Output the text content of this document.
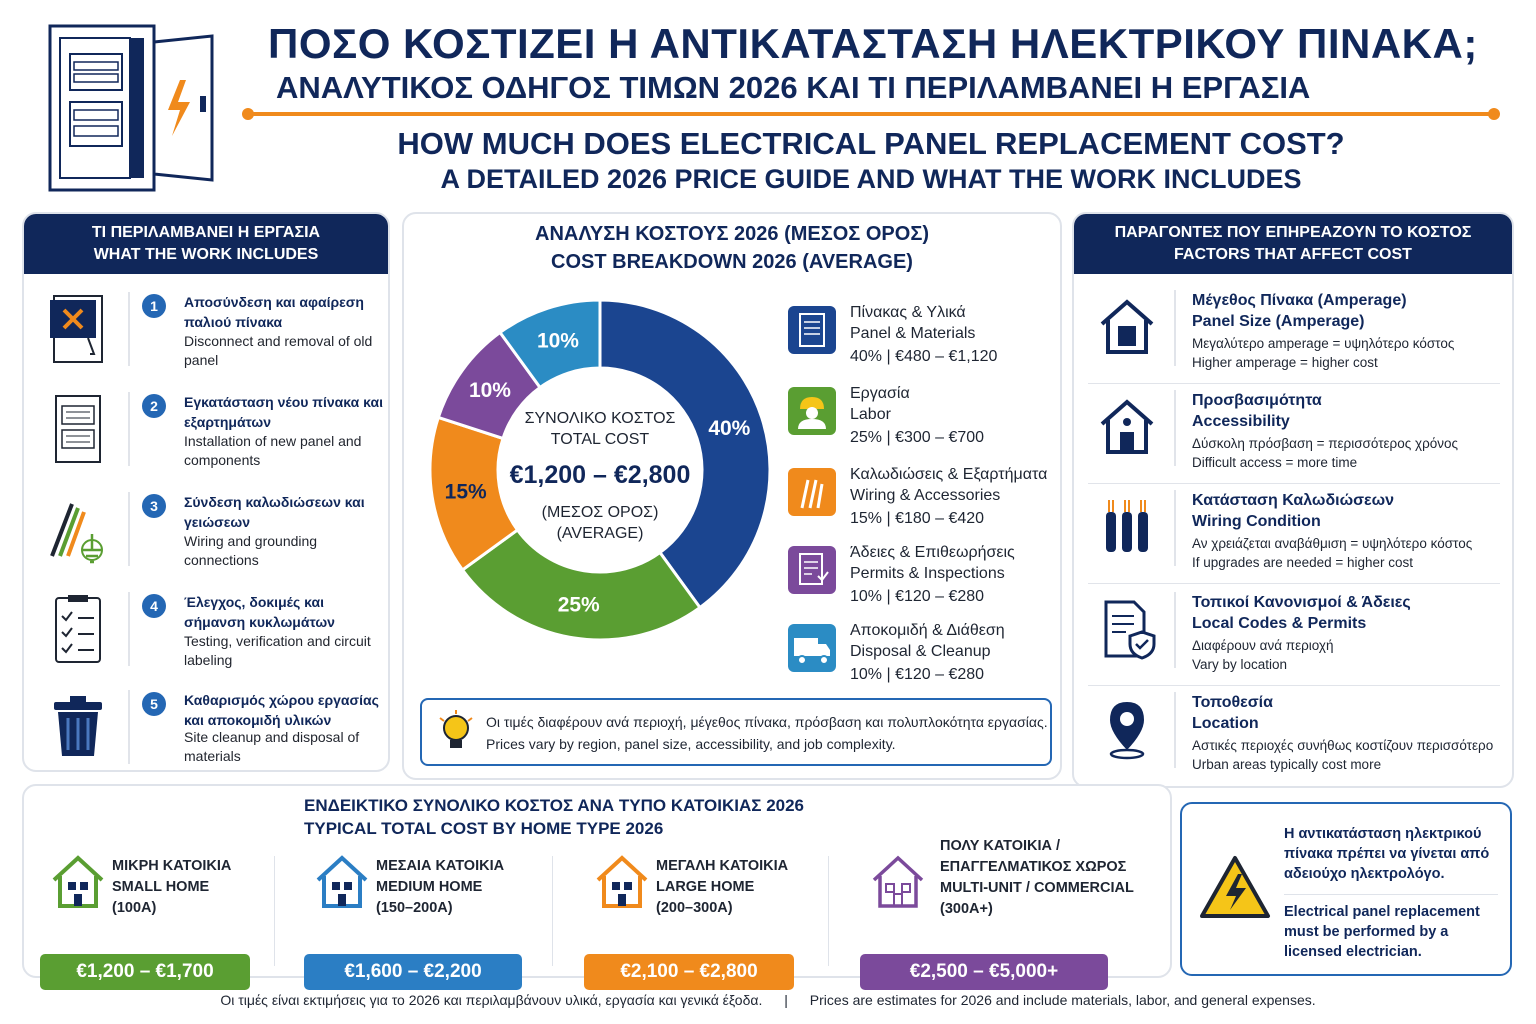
ΠΟΣΟ ΚΟΣΤΙΖΕΙ Η ΑΝΤΙΚΑΤΑΣΤΑΣΗ ΗΛΕΚΤΡΙΚΟΥ ΠΙΝΑΚΑ;
ΑΝΑΛΥΤΙΚΟΣ ΟΔΗΓΟΣ ΤΙΜΩΝ 2026 ΚΑΙ ΤΙ ΠΕΡΙΛΑΜΒΑΝΕΙ Η ΕΡΓΑΣΙΑ
HOW MUCH DOES ELECTRICAL PANEL REPLACEMENT COST?
A DETAILED 2026 PRICE GUIDE AND WHAT THE WORK INCLUDES
ΤΙ ΠΕΡΙΛΑΜΒΑΝΕΙ Η ΕΡΓΑΣΙΑ
WHAT THE WORK INCLUDES
1	Αποσύνδεση και αφαίρεση παλιού πίνακα
Disconnect and removal of old panel
2	Εγκατάσταση νέου πίνακα και εξαρτημάτων
Installation of new panel and components
3	Σύνδεση καλωδιώσεων και γειώσεων
Wiring and grounding connections
4	Έλεγχος, δοκιμές και σήμανση κυκλωμάτων
Testing, verification and circuit labeling
5	Καθαρισμός χώρου εργασίας και αποκομιδή υλικών
Site cleanup and disposal of materials
ΑΝΑΛΥΣΗ ΚΟΣΤΟΥΣ 2026 (ΜΕΣΟΣ ΟΡΟΣ)
COST BREAKDOWN 2026 (AVERAGE)
40%
25%
15%
10%
10%
ΣΥΝΟΛΙΚΟ ΚΟΣΤΟΣ
TOTAL COST
€1,200 – €2,800
(ΜΕΣΟΣ ΟΡΟΣ)
(AVERAGE)
Πίνακας & Υλικά
Panel & Materials
40% | €480 – €1,120
Εργασία
Labor
25% | €300 – €700
Καλωδιώσεις & Εξαρτήματα
Wiring & Accessories
15% | €180 – €420
Άδειες & Επιθεωρήσεις
Permits & Inspections
10% | €120 – €280
Αποκομιδή & Διάθεση
Disposal & Cleanup
10% | €120 – €280
Οι τιμές διαφέρουν ανά περιοχή, μέγεθος πίνακα, πρόσβαση και πολυπλοκότητα εργασίας.
Prices vary by region, panel size, accessibility, and job complexity.
ΠΑΡΑΓΟΝΤΕΣ ΠΟΥ ΕΠΗΡΕΑΖΟΥΝ ΤΟ ΚΟΣΤΟΣ
FACTORS THAT AFFECT COST
Μέγεθος Πίνακα (Amperage)
Panel Size (Amperage)
Μεγαλύτερο amperage = υψηλότερο κόστος
Higher amperage = higher cost
Προσβασιμότητα
Accessibility
Δύσκολη πρόσβαση = περισσότερος χρόνος
Difficult access = more time
Κατάσταση Καλωδιώσεων
Wiring Condition
Αν χρειάζεται αναβάθμιση = υψηλότερο κόστος
If upgrades are needed = higher cost
Τοπικοί Κανονισμοί & Άδειες
Local Codes & Permits
Διαφέρουν ανά περιοχή
Vary by location
Τοποθεσία
Location
Αστικές περιοχές συνήθως κοστίζουν περισσότερο
Urban areas typically cost more
ΕΝΔΕΙΚΤΙΚΟ ΣΥΝΟΛΙΚΟ ΚΟΣΤΟΣ ΑΝΑ ΤΥΠΟ ΚΑΤΟΙΚΙΑΣ 2026
TYPICAL TOTAL COST BY HOME TYPE 2026
ΜΙΚΡΗ ΚΑΤΟΙΚΙΑ
SMALL HOME
(100A)
€1,200 – €1,700
ΜΕΣΑΙΑ ΚΑΤΟΙΚΙΑ
MEDIUM HOME
(150–200A)
€1,600 – €2,200
ΜΕΓΑΛΗ ΚΑΤΟΙΚΙΑ
LARGE HOME
(200–300A)
€2,100 – €2,800
ΠΟΛΥ ΚΑΤΟΙΚΙΑ /
ΕΠΑΓΓΕΛΜΑΤΙΚΟΣ ΧΩΡΟΣ
MULTI-UNIT / COMMERCIAL
(300A+)
€2,500 – €5,000+
Η αντικατάσταση ηλεκτρικού πίνακα πρέπει να γίνεται από αδειούχο ηλεκτρολόγο.
Electrical panel replacement must be performed by a licensed electrician.
Οι τιμές είναι εκτιμήσεις για το 2026 και περιλαμβάνουν υλικά, εργασία και γενικά έξοδα. | Prices are estimates for 2026 and include materials, labor, and general expenses.
